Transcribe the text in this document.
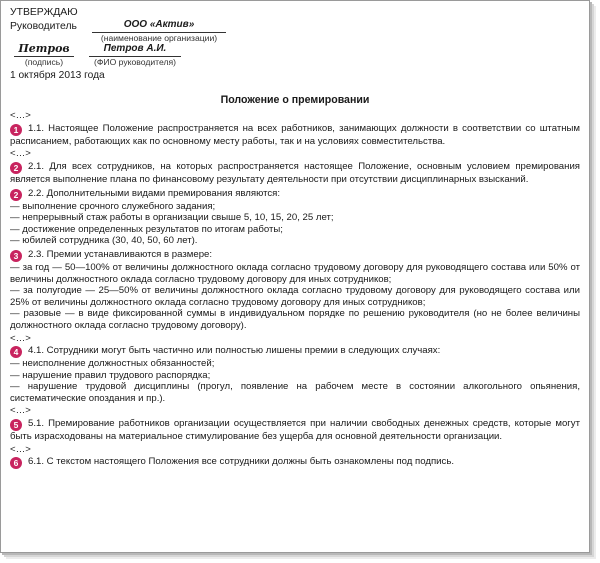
УТВЕРЖДАЮ
Руководитель	ООО «Актив»
(наименование организации)
Петров
(подпись)
Петров А.И.
(ФИО руководителя)
1 октября 2013 года
Положение о премировании
<…>
1 1.1. Настоящее Положение распространяется на всех работников, занимающих должности в соответствии со штатным расписанием, работающих как по основному месту работы, так и на условиях совместительства.
<…>
2 2.1. Для всех сотрудников, на которых распространяется настоящее Положение, основным условием премирования является выполнение плана по финансовому результату деятельности при отсутствии дисциплинарных взысканий.
2 2.2. Дополнительными видами премирования являются:
— выполнение срочного служебного задания;
— непрерывный стаж работы в организации свыше 5, 10, 15, 20, 25 лет;
— достижение определенных результатов по итогам работы;
— юбилей сотрудника (30, 40, 50, 60 лет).
3 2.3. Премии устанавливаются в размере:
— за год — 50—100% от величины должностного оклада согласно трудовому договору для руководящего состава или 50% от величины должностного оклада согласно трудовому договору для иных сотрудников;
— за полугодие — 25—50% от величины должностного оклада согласно трудовому договору для руководящего состава или 25% от величины должностного оклада согласно трудовому договору для иных сотрудников;
— разовые — в виде фиксированной суммы в индивидуальном порядке по решению руководителя (но не более величины должностного оклада согласно трудовому договору).
<…>
4 4.1. Сотрудники могут быть частично или полностью лишены премии в следующих случаях:
— неисполнение должностных обязанностей;
— нарушение правил трудового распорядка;
— нарушение трудовой дисциплины (прогул, появление на рабочем месте в состоянии алкогольного опьянения, систематические опоздания и пр.).
<…>
5 5.1. Премирование работников организации осуществляется при наличии свободных денежных средств, которые могут быть израсходованы на материальное стимулирование без ущерба для основной деятельности организации.
<…>
6 6.1. С текстом настоящего Положения все сотрудники должны быть ознакомлены под подпись.
